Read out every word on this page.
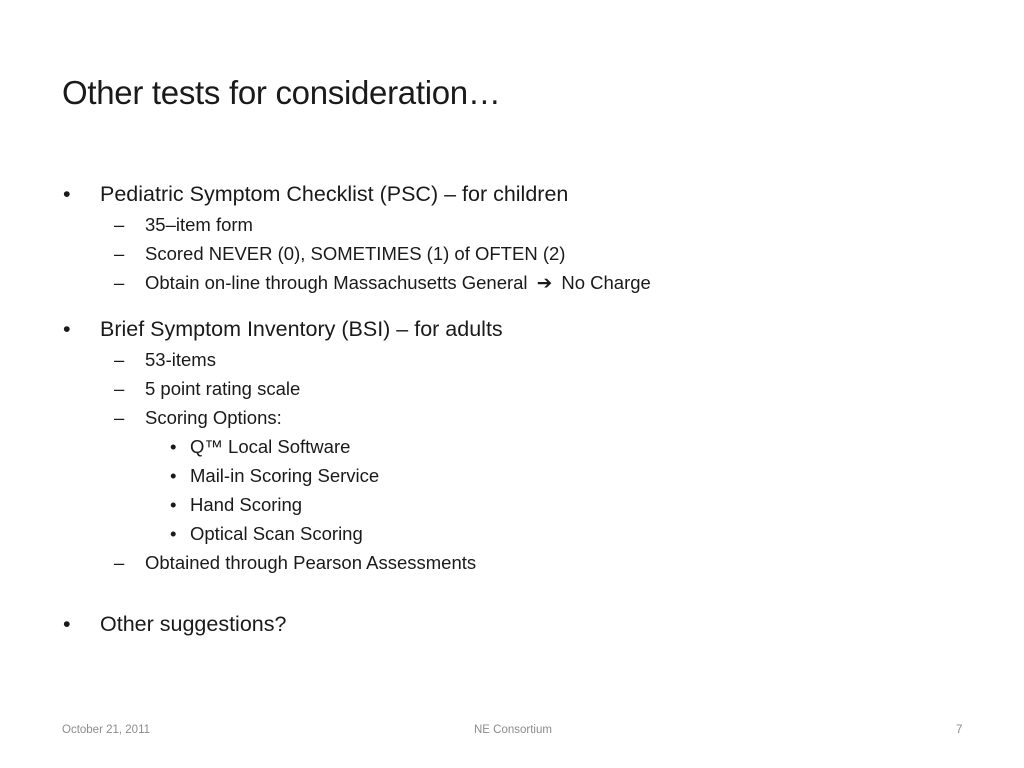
Other tests for consideration…
• Pediatric Symptom Checklist (PSC) – for children
– 35–item form
– Scored NEVER (0), SOMETIMES (1) of OFTEN (2)
– Obtain on-line through Massachusetts General ➔ No Charge
• Brief Symptom Inventory (BSI) – for adults
– 53-items
– 5 point rating scale
– Scoring Options:
• Q™ Local Software
• Mail-in Scoring Service
• Hand Scoring
• Optical Scan Scoring
– Obtained through Pearson Assessments
• Other suggestions?
October 21, 2011	NE Consortium	7
